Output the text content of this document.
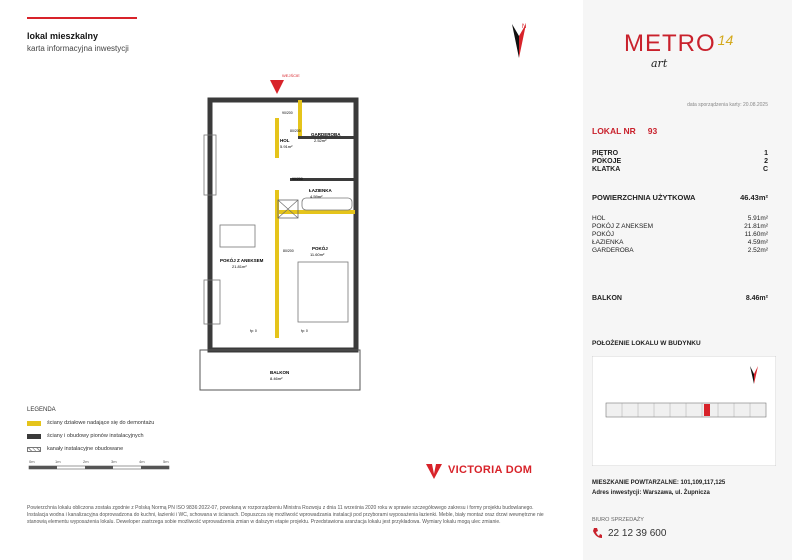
lokal mieszkalny
karta informacyjna inwestycji
N
WEJŚCIE
HOL
5.91m²
GARDEROBA
2.52m²
ŁAZIENKA
4.59m²
POKÓJ
11.60m²
POKÓJ Z ANEKSEM
21.81m²
BALKON
8.46m²
90/200
80/200
90/200
80/200
fp: 0	fp: 0
LEGENDA
ściany działowe nadające się do demontażu
ściany i obudowy pionów instalacyjnych
kanały instalacyjne obudowane
0m	1m	2m	3m	4m	5m
VICTORIA DOM
Powierzchnia lokalu obliczona została zgodnie z Polską Normą PN ISO 9836:2022-07, powołaną w rozporządzeniu Ministra Rozwoju z dnia 11 września 2020 roku w sprawie szczegółowego zakresu i formy projektu budowlanego. Instalacja wodna i kanalizacyjna doprowadzona do kuchni, łazienki i WC, schowana w ścianach. Dopuszcza się możliwość wprowadzania instalacji pod przyborami wyposażenia łazienki. Meble, biały montaż oraz drzwi wewnętrzne nie stanowią elementu wyposażenia lokalu. Deweloper zastrzega sobie możliwość wprowadzenia zmian w dalszym etapie projektu. Przedstawiona aranżacja lokalu jest przykładowa. Wymiary lokalu mogą ulec zmianie.
METRO 14
art
data sporządzenia karty: 20.08.2025
LOKAL NR 93
PIĘTRO	1
POKOJE	2
KLATKA	C
POWIERZCHNIA UŻYTKOWA	46.43m²
HOL	5.91m²
POKÓJ Z ANEKSEM	21.81m²
POKÓJ	11.60m²
ŁAZIENKA	4.59m²
GARDEROBA	2.52m²
BALKON	8.46m²
POŁOŻENIE LOKALU W BUDYNKU
MIESZKANIE POWTARZALNE: 101,109,117,125
Adres inwestycji: Warszawa, ul. Żupnicza
BIURO SPRZEDAŻY
22 12 39 600
